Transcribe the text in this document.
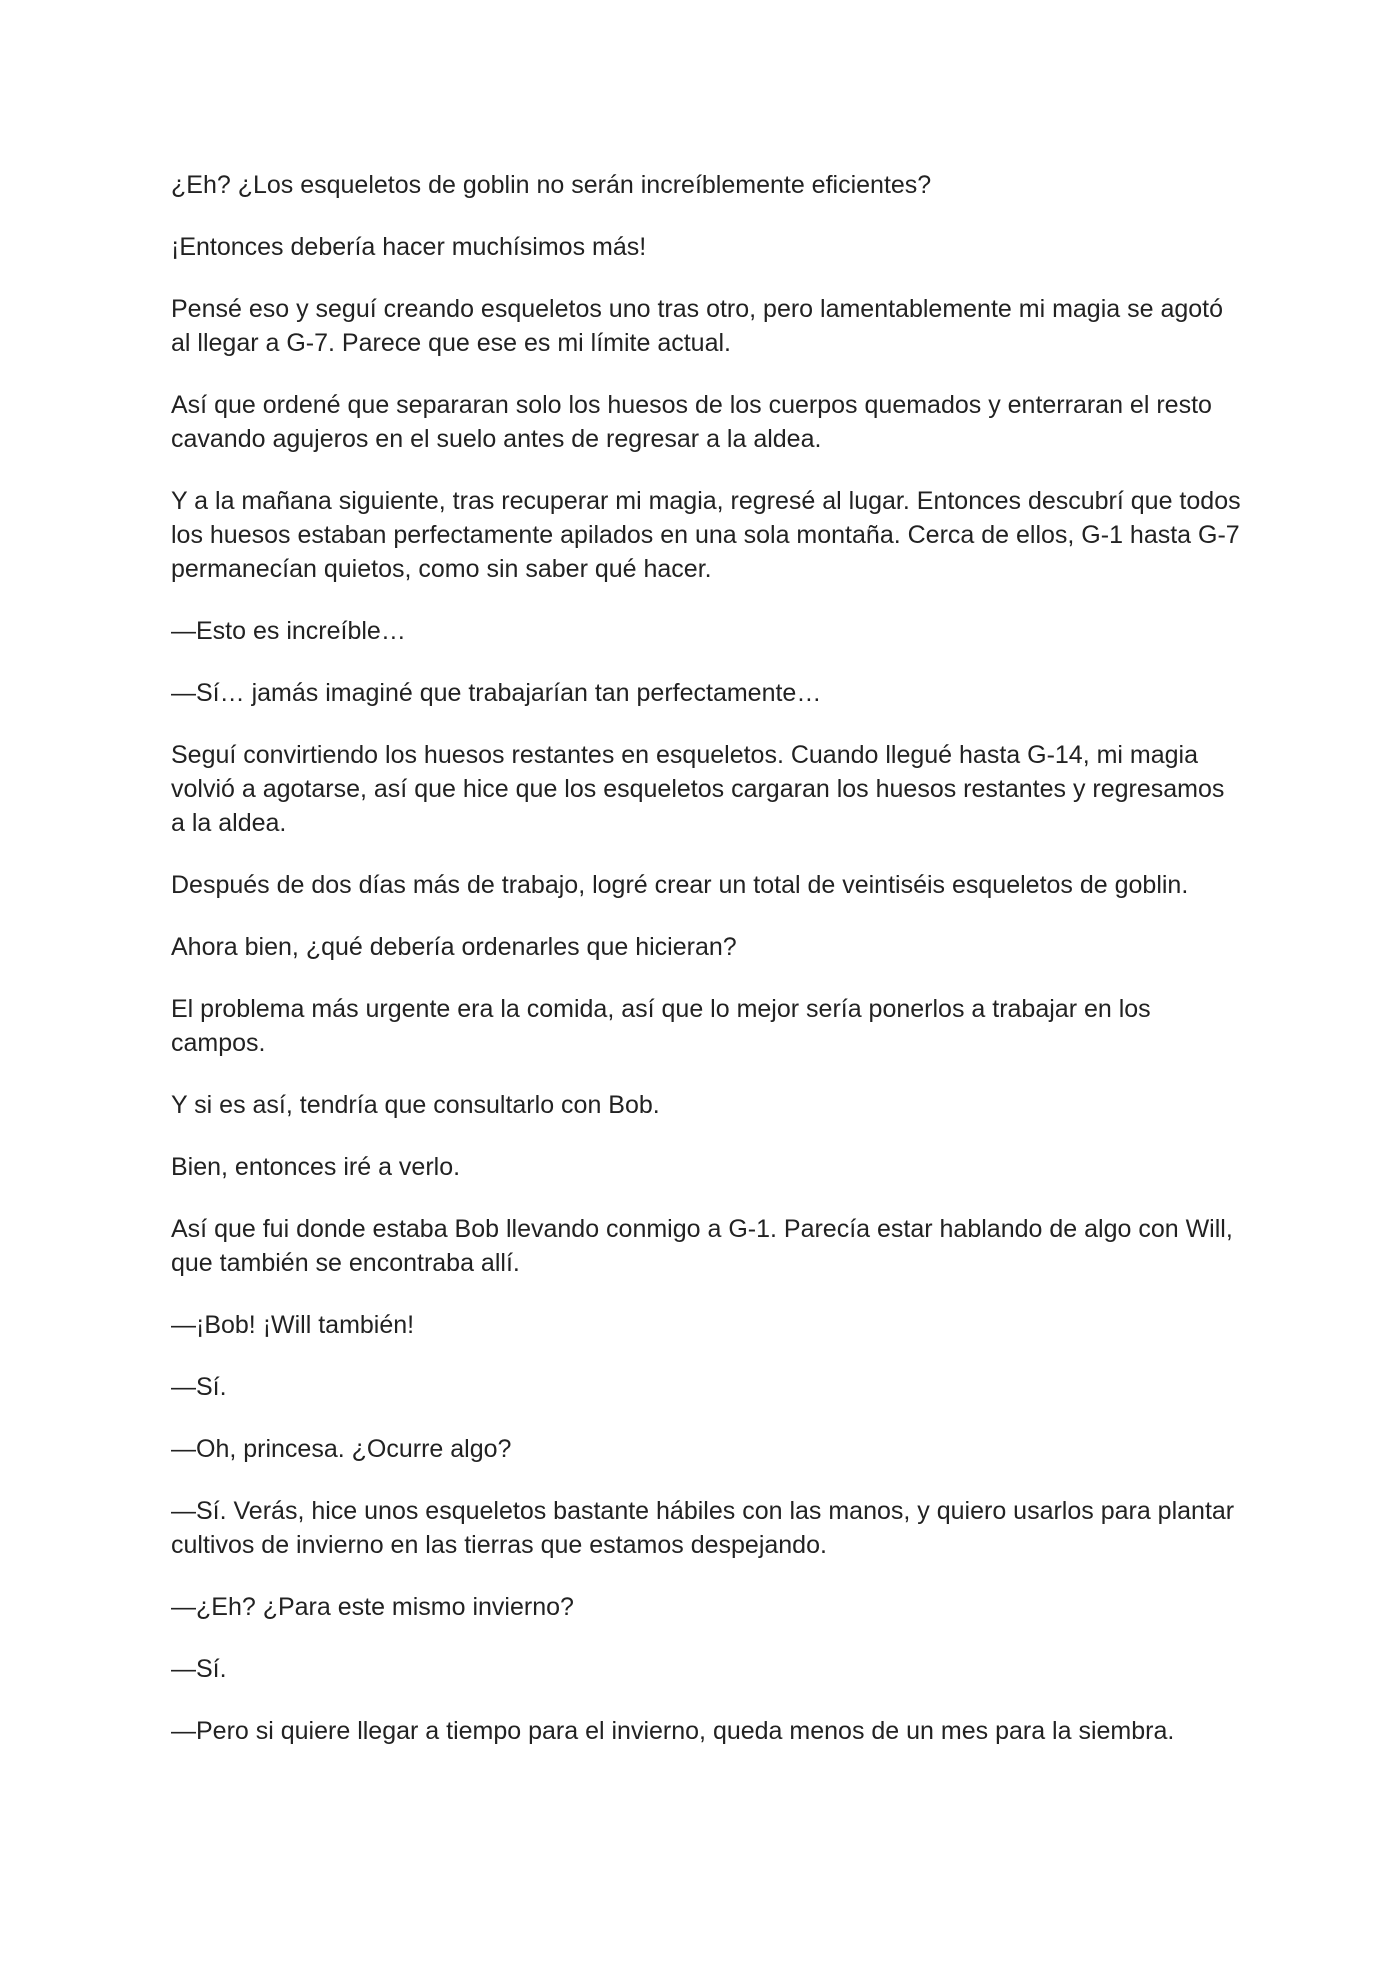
¿Eh? ¿Los esqueletos de goblin no serán increíblemente eficientes?

¡Entonces debería hacer muchísimos más!

Pensé eso y seguí creando esqueletos uno tras otro, pero lamentablemente mi magia se agotó al llegar a G-7. Parece que ese es mi límite actual.

Así que ordené que separaran solo los huesos de los cuerpos quemados y enterraran el resto cavando agujeros en el suelo antes de regresar a la aldea.

Y a la mañana siguiente, tras recuperar mi magia, regresé al lugar. Entonces descubrí que todos los huesos estaban perfectamente apilados en una sola montaña. Cerca de ellos, G-1 hasta G-7 permanecían quietos, como sin saber qué hacer.

—Esto es increíble…

—Sí… jamás imaginé que trabajarían tan perfectamente…

Seguí convirtiendo los huesos restantes en esqueletos. Cuando llegué hasta G-14, mi magia volvió a agotarse, así que hice que los esqueletos cargaran los huesos restantes y regresamos a la aldea.

Después de dos días más de trabajo, logré crear un total de veintiséis esqueletos de goblin.

Ahora bien, ¿qué debería ordenarles que hicieran?

El problema más urgente era la comida, así que lo mejor sería ponerlos a trabajar en los campos.

Y si es así, tendría que consultarlo con Bob.

Bien, entonces iré a verlo.

Así que fui donde estaba Bob llevando conmigo a G-1. Parecía estar hablando de algo con Will, que también se encontraba allí.

—¡Bob! ¡Will también!

—Sí.

—Oh, princesa. ¿Ocurre algo?

—Sí. Verás, hice unos esqueletos bastante hábiles con las manos, y quiero usarlos para plantar cultivos de invierno en las tierras que estamos despejando.

—¿Eh? ¿Para este mismo invierno?

—Sí.

—Pero si quiere llegar a tiempo para el invierno, queda menos de un mes para la siembra.
